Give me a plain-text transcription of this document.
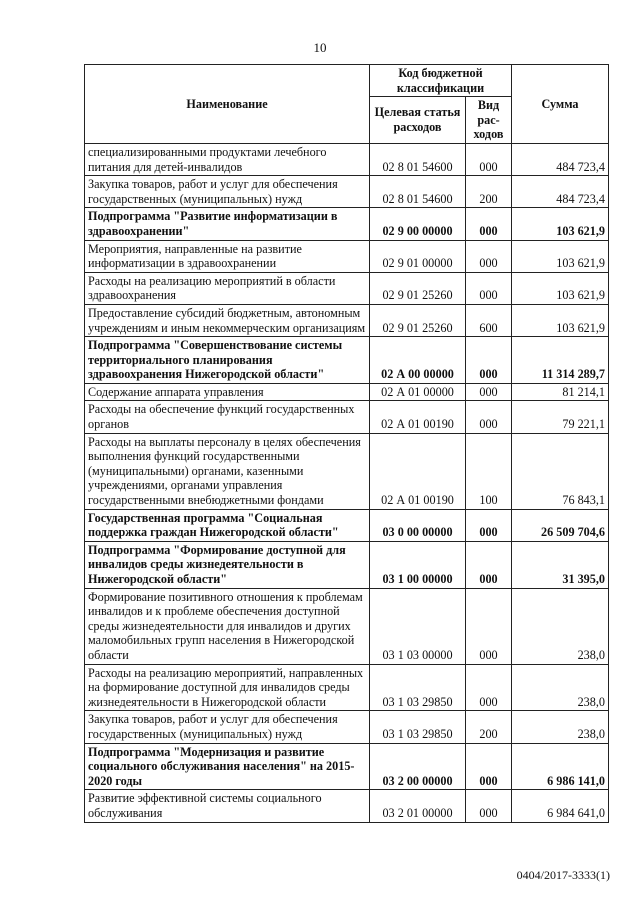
10
Наименование	Код бюджетной классификации		Сумма
	Целевая статья расходов	Вид рас- ходов	
специализированными продуктами лечебного питания для детей-инвалидов	02 8 01 54600	000	484 723,4
Закупка товаров, работ и услуг для обеспечения государственных (муниципальных) нужд	02 8 01 54600	200	484 723,4
Подпрограмма "Развитие информатизации в здравоохранении"	02 9 00 00000	000	103 621,9
Мероприятия, направленные на развитие информатизации в здравоохранении	02 9 01 00000	000	103 621,9
Расходы на реализацию мероприятий в области здравоохранения	02 9 01 25260	000	103 621,9
Предоставление субсидий бюджетным, автономным учреждениям и иным некоммерческим организациям	02 9 01 25260	600	103 621,9
Подпрограмма "Совершенствование системы территориального планирования здравоохранения Нижегородской области"	02 А 00 00000	000	11 314 289,7
Содержание аппарата управления	02 А 01 00000	000	81 214,1
Расходы на обеспечение функций государственных органов	02 А 01 00190	000	79 221,1
Расходы на выплаты персоналу в целях обеспечения выполнения функций государственными (муниципальными) органами, казенными учреждениями, органами управления государственными внебюджетными фондами	02 А 01 00190	100	76 843,1
Государственная программа "Социальная поддержка граждан Нижегородской области"	03 0 00 00000	000	26 509 704,6
Подпрограмма "Формирование доступной для инвалидов среды жизнедеятельности в Нижегородской области"	03 1 00 00000	000	31 395,0
Формирование позитивного отношения к проблемам инвалидов и к проблеме обеспечения доступной среды жизнедеятельности для инвалидов и других маломобильных групп населения в Нижегородской области	03 1 03 00000	000	238,0
Расходы на реализацию мероприятий, направленных на формирование доступной для инвалидов среды жизнедеятельности в Нижегородской области	03 1 03 29850	000	238,0
Закупка товаров, работ и услуг для обеспечения государственных (муниципальных) нужд	03 1 03 29850	200	238,0
Подпрограмма "Модернизация и развитие социального обслуживания населения" на 2015-2020 годы	03 2 00 00000	000	6 986 141,0
Развитие эффективной системы социального обслуживания	03 2 01 00000	000	6 984 641,0
0404/2017-3333(1)
